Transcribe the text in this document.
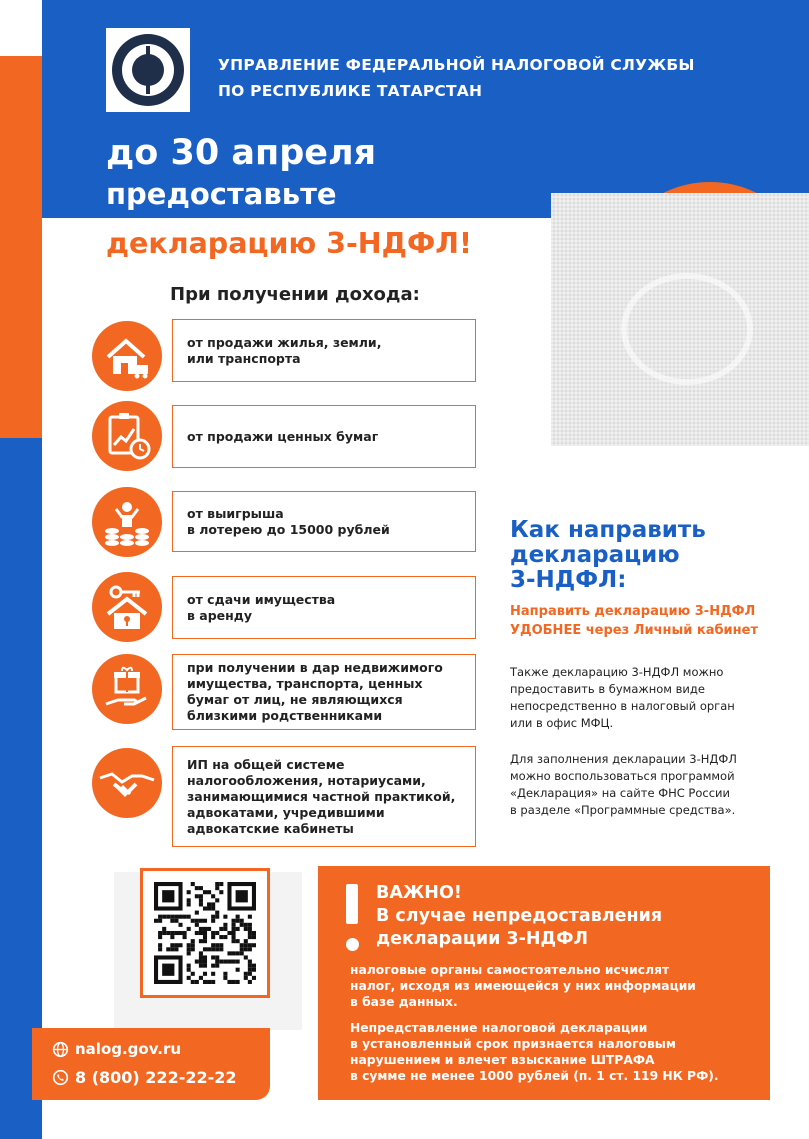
УПРАВЛЕНИЕ ФЕДЕРАЛЬНОЙ НАЛОГОВОЙ СЛУЖБЫ
ПО РЕСПУБЛИКЕ ТАТАРСТАН
до 30 апреля
предоставьте
декларацию 3-НДФЛ!
При получении дохода:
от продажи жилья, земли,
или транспорта
от продажи ценных бумаг
от выигрыша
в лотерею до 15000 рублей
от сдачи имущества
в аренду
при получении в дар недвижимого
имущества, транспорта, ценных
бумаг от лиц, не являющихся
близкими родственниками
ИП на общей системе
налогообложения, нотариусами,
занимающимися частной практикой,
адвокатами, учредившими
адвокатские кабинеты
Как направить
декларацию
3-НДФЛ:
Направить декларацию 3-НДФЛ
УДОБНЕЕ через Личный кабинет
Также декларацию 3-НДФЛ можно
предоставить в бумажном виде
непосредственно в налоговый орган
или в офис МФЦ.
Для заполнения декларации 3-НДФЛ
можно воспользоваться программой
«Декларация» на сайте ФНС России
в разделе «Программные средства».
nalog.gov.ru
8 (800) 222-22-22
ВАЖНО!
В случае непредоставления
декларации 3-НДФЛ
налоговые органы самостоятельно исчислят
налог, исходя из имеющейся у них информации
в базе данных.
Непредставление налоговой декларации
в установленный срок признается налоговым
нарушением и влечет взыскание ШТРАФА
в сумме не менее 1000 рублей (п. 1 ст. 119 НК РФ).
